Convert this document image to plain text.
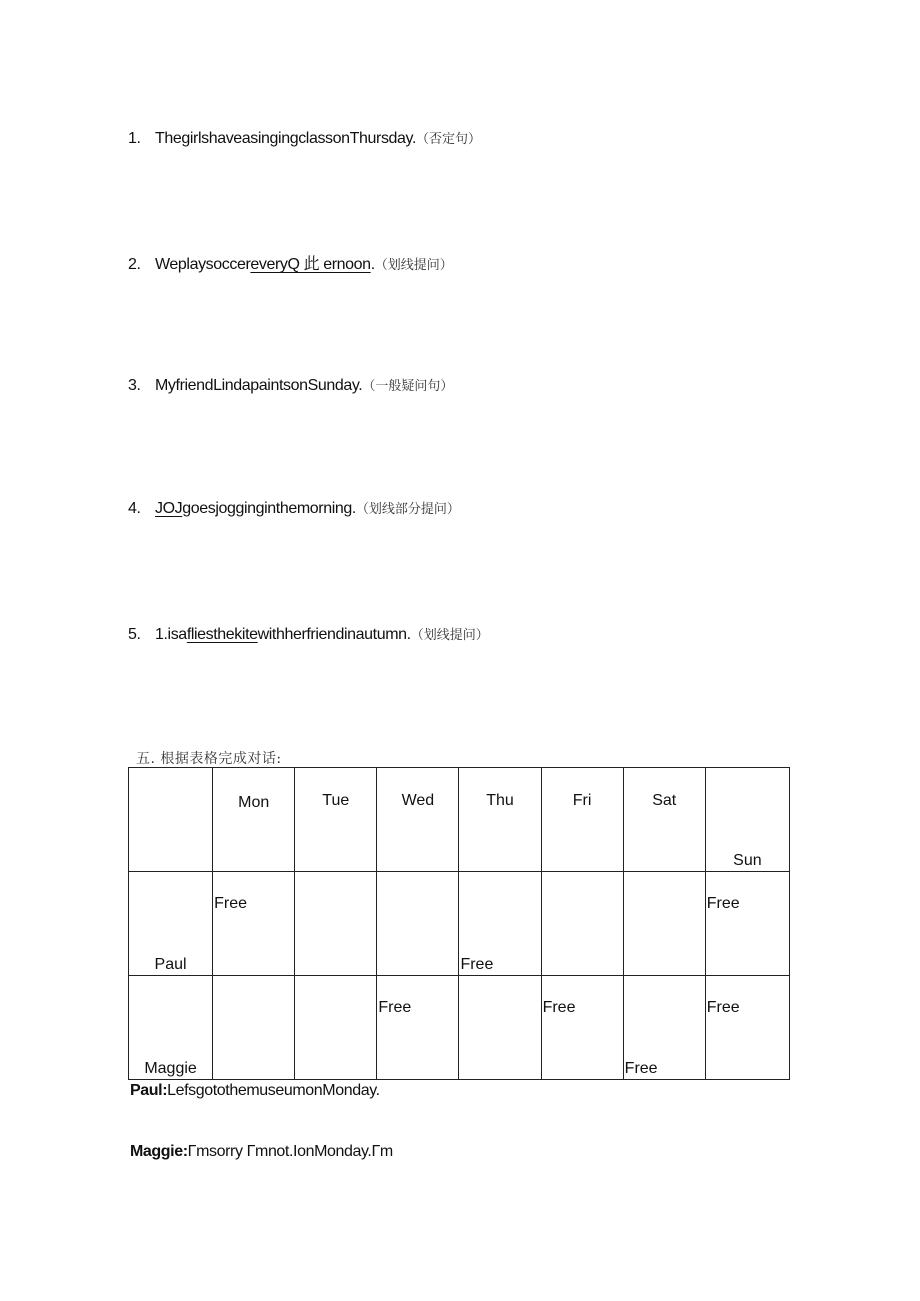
1. ThegirlshaveasingingclassonThursday.（否定句）
2. WeplaysoccereveryQ 此 ernoon.（划线提问）
3. MyfriendLindapaintsonSunday.（一般疑问句）
4. JOJgoesjogginginthemorning.（划线部分提问）
5. 1.isafliesthekitewithherfriendinautumn.（划线提问）
五. 根据表格完成对话:

	Mon	Tue	Wed	Thu	Fri	Sat	Sun

Paul	Free			Free			Free

Maggie			Free		Free	Free	Free
Paul:LefsgotothemuseumonMonday.
Maggie:Γmsorry Γmnot.IonMonday.Γm
